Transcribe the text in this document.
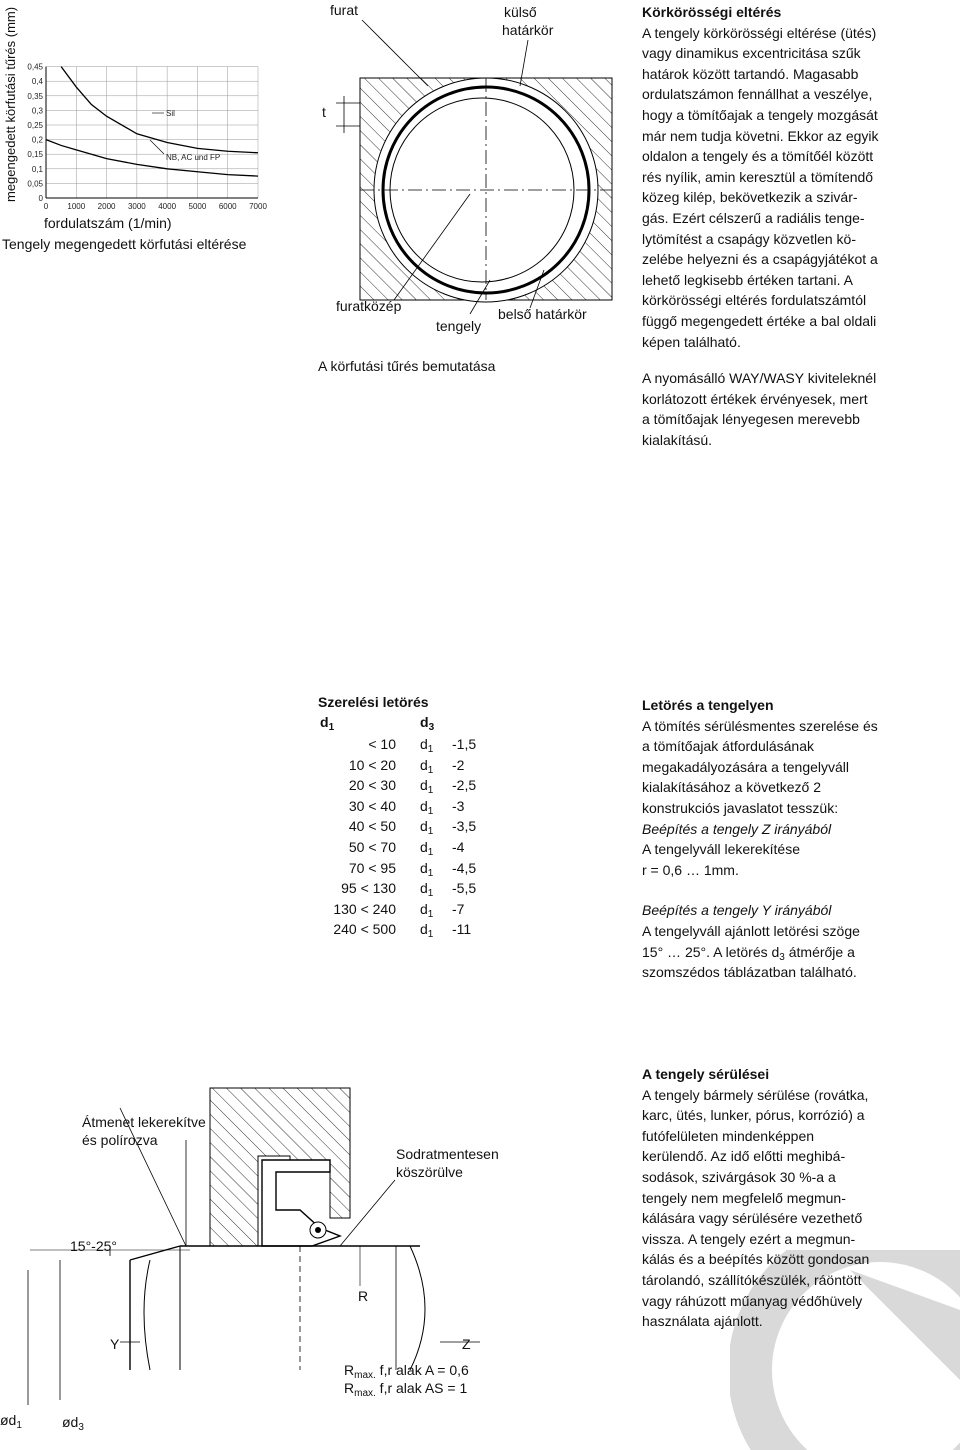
0
0,05
0,1
0,15
0,2
0,25
0,3
0,35
0,4
0,45
0 1000 2000 3000 4000 5000 6000 7000
Sil
NB, AC und FP
megengedett körfutási tűrés (mm)
fordulatszám (1/min)
Tengely megengedett körfutási eltérése
furat	külső
határkör
t
furatközép
tengely
belső határkör
A körfutási tűrés bemutatása
Körkörösségi eltérés
A tengely körkörösségi eltérése (ütés)
vagy dinamikus excentricitása szűk
határok között tartandó. Magasabb
ordulatszámon fennállhat a veszélye,
hogy a tömítőajak a tengely mozgását
már nem tudja követni. Ekkor az egyik
oldalon a tengely és a tömítőél között
rés nyílik, amin keresztül a tömítendő
közeg kilép, bekövetkezik a szivár-
gás. Ezért célszerű a radiális tenge-
lytömítést a csapágy közvetlen kö-
zelébe helyezni és a csapágyjátékot a
lehető legkisebb értéken tartani. A
körkörösségi eltérés fordulatszámtól
függő megengedett értéke a bal oldali
képen található.
A nyomásálló WAY/WASY kiviteleknél
korlátozott értékek érvényesek, mert
a tömítőajak lényegesen merevebb
kialakítású.
Szerelési letörés
$d_1$	$d_3$
< 10 $d_1$ -1,5
10 < 20 $d_1$ -2
20 < 30 $d_1$ -2,5
30 < 40 $d_1$ -3
40 < 50 $d_1$ -3,5
50 < 70 $d_1$ -4
70 < 95 $d_1$ -4,5
95 < 130 $d_1$ -5,5
130 < 240 $d_1$ -7
240 < 500 $d_1$ -11
Letörés a tengelyen
A tömítés sérülésmentes szerelése és
a tömítőajak átfordulásának
megakadályozására a tengelyváll
kialakításához a következő 2
konstrukciós javaslatot tesszük:
Beépítés a tengely Z irányából
A tengelyváll lekerekítése
r = 0,6 … 1mm.
Beépítés a tengely Y irányából
A tengelyváll ajánlott letörési szöge
15° … 25°. A letörés $d_3$ átmérője a
szomszédos táblázatban található.
Átmenet lekerekítve
és polírozva
Sodratmentesen
köszörülve
15°-25°
R
Y	Z
$ød_1$	$ød_3$
$R_{max.}$ f,r alak A = 0,6
$R_{max.}$ f,r alak AS = 1
A tengely sérülései
A tengely bármely sérülése (rovátka,
karc, ütés, lunker, pórus, korrózió) a
futófelületen mindenképpen
kerülendő. Az idő előtti meghibá-
sodások, szivárgások 30 %-a a
tengely nem megfelelő megmun-
kálására vagy sérülésére vezethető
vissza. A tengely ezért a megmun-
kálás és a beépítés között gondosan
tárolandó, szállítókészülék, ráöntött
vagy ráhúzott műanyag védőhüvely
használata ajánlott.
